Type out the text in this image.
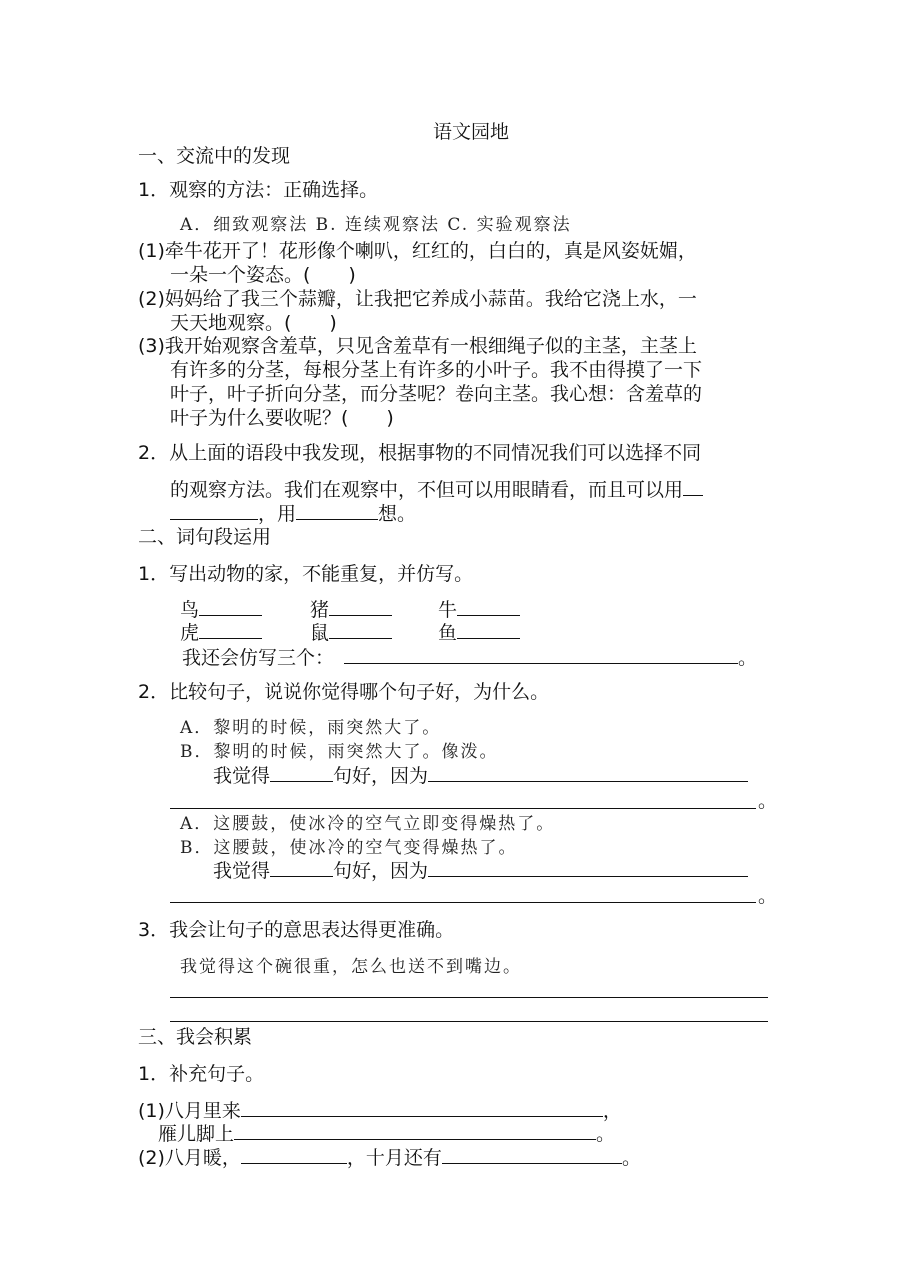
语文园地
一、交流中的发现
1．观察的方法：正确选择。
A．细致观察法 B. 连续观察法 C. 实验观察法
(1)牵牛花开了！花形像个喇叭，红红的，白白的，真是风姿妩媚，
一朵一个姿态。(　　)
(2)妈妈给了我三个蒜瓣，让我把它养成小蒜苗。我给它浇上水，一
天天地观察。(　　)
(3)我开始观察含羞草，只见含羞草有一根细绳子似的主茎，主茎上
有许多的分茎，每根分茎上有许多的小叶子。我不由得摸了一下
叶子，叶子折向分茎，而分茎呢？卷向主茎。我心想：含羞草的
叶子为什么要收呢？(　　)
2．从上面的语段中我发现，根据事物的不同情况我们可以选择不同
的观察方法。我们在观察中，不但可以用眼睛看，而且可以用
，用	想。
二、词句段运用
1．写出动物的家，不能重复，并仿写。
鸟	猪	牛
虎	鼠	鱼
我还会仿写三个：	。
2．比较句子，说说你觉得哪个句子好，为什么。
A．黎明的时候，雨突然大了。
B．黎明的时候，雨突然大了。像泼。
我觉得	句好，因为
。
A．这腰鼓，使冰冷的空气立即变得燥热了。
B．这腰鼓，使冰冷的空气变得燥热了。
我觉得	句好，因为
。
3．我会让句子的意思表达得更准确。
我觉得这个碗很重，怎么也送不到嘴边。
三、我会积累
1．补充句子。
(1)八月里来	，
雁儿脚上	。
(2)八月暖，	，十月还有	。
